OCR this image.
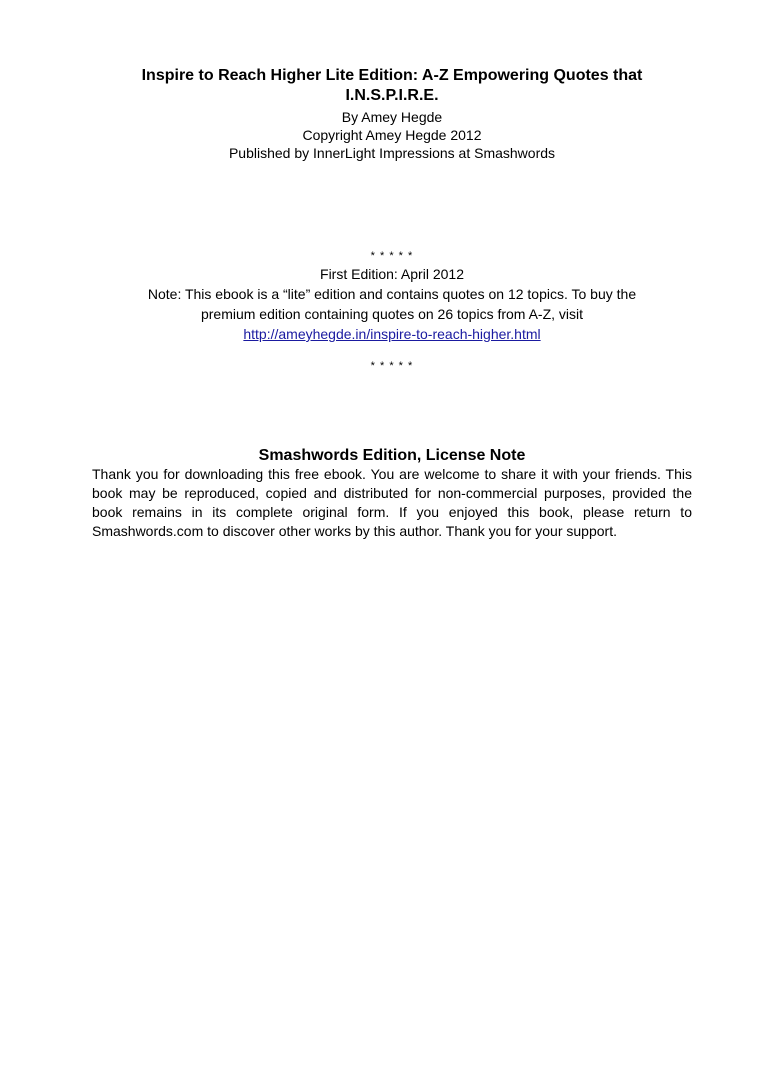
Inspire to Reach Higher Lite Edition: A-Z Empowering Quotes that
I.N.S.P.I.R.E.
By Amey Hegde
Copyright Amey Hegde 2012
Published by InnerLight Impressions at Smashwords
* * * * *
First Edition: April 2012
Note: This ebook is a “lite” edition and contains quotes on 12 topics. To buy the
premium edition containing quotes on 26 topics from A-Z, visit
http://ameyhegde.in/inspire-to-reach-higher.html
* * * * *
Smashwords Edition, License Note

Thank you for downloading this free ebook. You are welcome to share it with your friends. This book may be reproduced, copied and distributed for non-commercial purposes, provided the book remains in its complete original form. If you enjoyed this book, please return to Smashwords.com to discover other works by this author. Thank you for your support.
